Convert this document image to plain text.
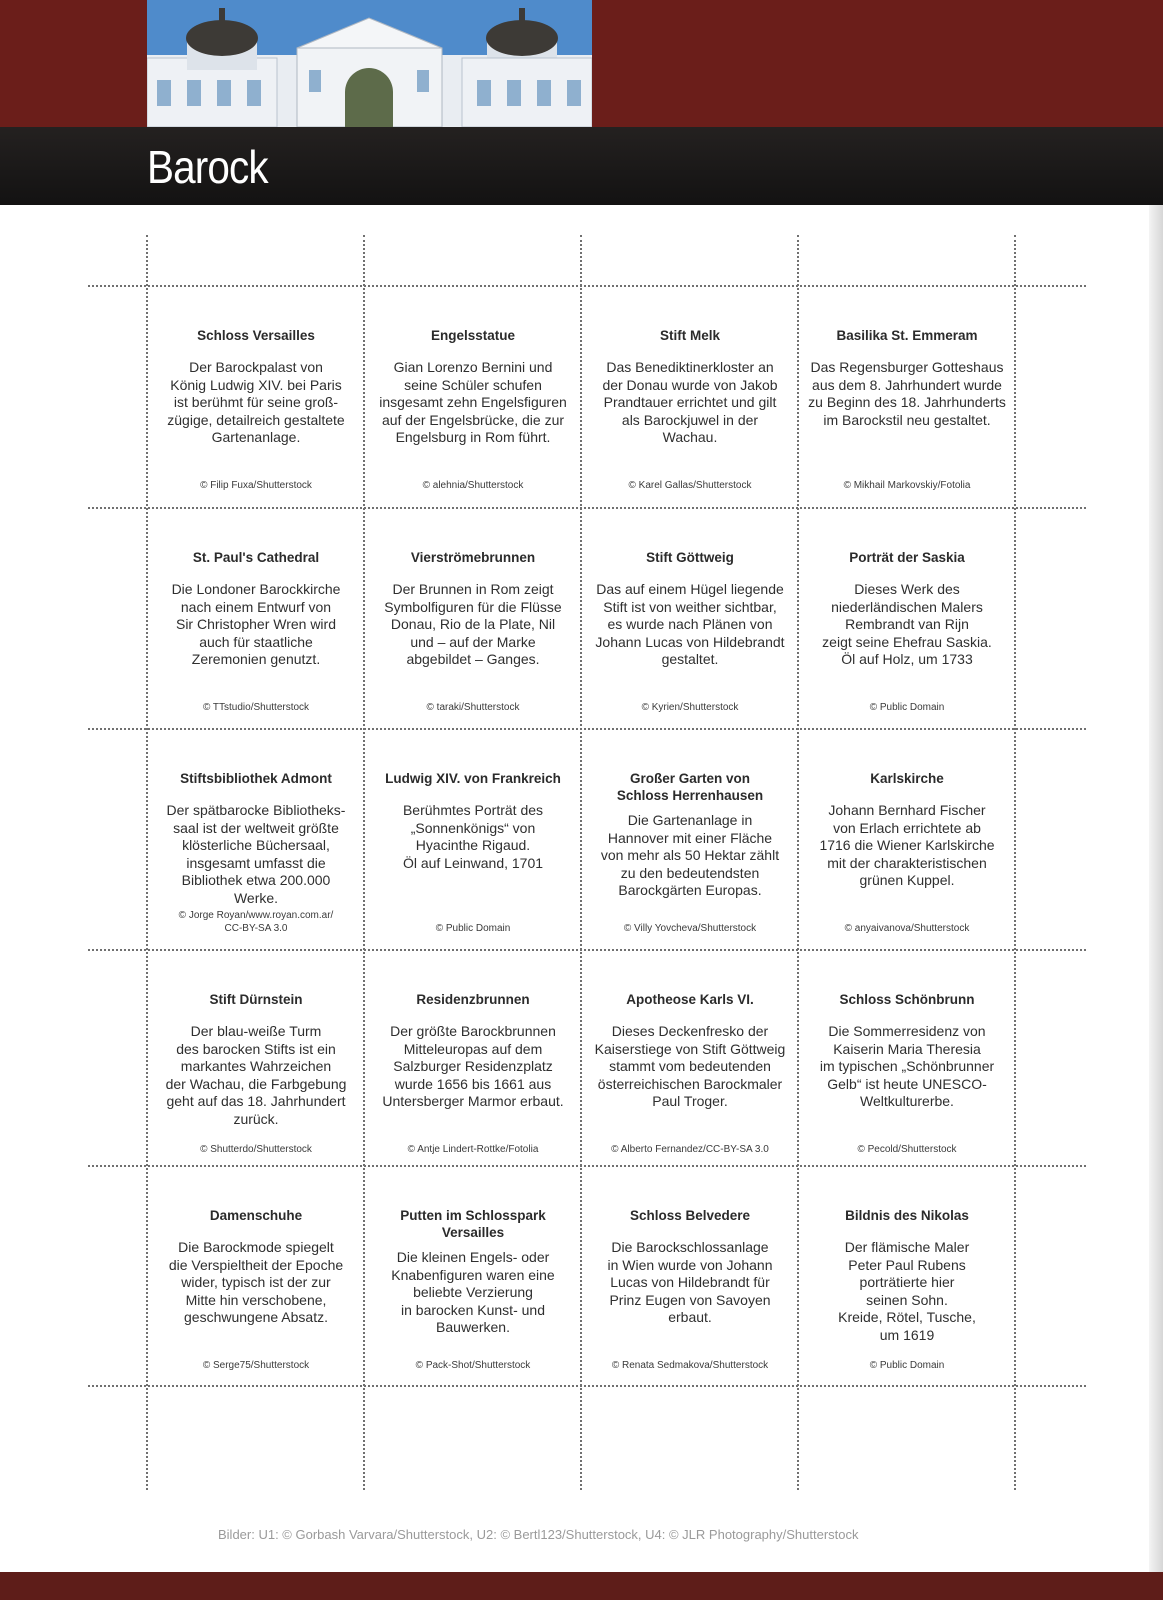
Barock
Schloss Versailles
Der Barockpalast von
König Ludwig XIV. bei Paris
ist berühmt für seine groß-
zügige, detailreich gestaltete
Gartenanlage.
© Filip Fuxa/Shutterstock
Engelsstatue
Gian Lorenzo Bernini und
seine Schüler schufen
insgesamt zehn Engelsfiguren
auf der Engelsbrücke, die zur
Engelsburg in Rom führt.
© alehnia/Shutterstock
Stift Melk
Das Benediktinerkloster an
der Donau wurde von Jakob
Prandtauer errichtet und gilt
als Barockjuwel in der
Wachau.
© Karel Gallas/Shutterstock
Basilika St. Emmeram
Das Regensburger Gotteshaus
aus dem 8. Jahrhundert wurde
zu Beginn des 18. Jahrhunderts
im Barockstil neu gestaltet.
© Mikhail Markovskiy/Fotolia
St. Paul's Cathedral
Die Londoner Barockkirche
nach einem Entwurf von
Sir Christopher Wren wird
auch für staatliche
Zeremonien genutzt.
© TTstudio/Shutterstock
Vierströmebrunnen
Der Brunnen in Rom zeigt
Symbolfiguren für die Flüsse
Donau, Rio de la Plate, Nil
und – auf der Marke
abgebildet – Ganges.
© taraki/Shutterstock
Stift Göttweig
Das auf einem Hügel liegende
Stift ist von weither sichtbar,
es wurde nach Plänen von
Johann Lucas von Hildebrandt
gestaltet.
© Kyrien/Shutterstock
Porträt der Saskia
Dieses Werk des
niederländischen Malers
Rembrandt van Rijn
zeigt seine Ehefrau Saskia.
Öl auf Holz, um 1733
© Public Domain
Stiftsbibliothek Admont
Der spätbarocke Bibliotheks-
saal ist der weltweit größte
klösterliche Büchersaal,
insgesamt umfasst die
Bibliothek etwa 200.000
Werke.
© Jorge Royan/www.royan.com.ar/
CC-BY-SA 3.0
Ludwig XIV. von Frankreich
Berühmtes Porträt des
„Sonnenkönigs“ von
Hyacinthe Rigaud.
Öl auf Leinwand, 1701
© Public Domain
Großer Garten von
Schloss Herrenhausen
Die Gartenanlage in
Hannover mit einer Fläche
von mehr als 50 Hektar zählt
zu den bedeutendsten
Barockgärten Europas.
© Villy Yovcheva/Shutterstock
Karlskirche
Johann Bernhard Fischer
von Erlach errichtete ab
1716 die Wiener Karlskirche
mit der charakteristischen
grünen Kuppel.
© anyaivanova/Shutterstock
Stift Dürnstein
Der blau-weiße Turm
des barocken Stifts ist ein
markantes Wahrzeichen
der Wachau, die Farbgebung
geht auf das 18. Jahrhundert
zurück.
© Shutterdo/Shutterstock
Residenzbrunnen
Der größte Barockbrunnen
Mitteleuropas auf dem
Salzburger Residenzplatz
wurde 1656 bis 1661 aus
Untersberger Marmor erbaut.
© Antje Lindert-Rottke/Fotolia
Apotheose Karls VI.
Dieses Deckenfresko der
Kaiserstiege von Stift Göttweig
stammt vom bedeutenden
österreichischen Barockmaler
Paul Troger.
© Alberto Fernandez/CC-BY-SA 3.0
Schloss Schönbrunn
Die Sommerresidenz von
Kaiserin Maria Theresia
im typischen „Schönbrunner
Gelb“ ist heute UNESCO-
Weltkulturerbe.
© Pecold/Shutterstock
Damenschuhe
Die Barockmode spiegelt
die Verspieltheit der Epoche
wider, typisch ist der zur
Mitte hin verschobene,
geschwungene Absatz.
© Serge75/Shutterstock
Putten im Schlosspark
Versailles
Die kleinen Engels- oder
Knabenfiguren waren eine
beliebte Verzierung
in barocken Kunst- und
Bauwerken.
© Pack-Shot/Shutterstock
Schloss Belvedere
Die Barockschlossanlage
in Wien wurde von Johann
Lucas von Hildebrandt für
Prinz Eugen von Savoyen
erbaut.
© Renata Sedmakova/Shutterstock
Bildnis des Nikolas
Der flämische Maler
Peter Paul Rubens
porträtierte hier
seinen Sohn.
Kreide, Rötel, Tusche,
um 1619
© Public Domain
Bilder: U1: © Gorbash Varvara/Shutterstock, U2: © Bertl123/Shutterstock, U4: © JLR Photography/Shutterstock
